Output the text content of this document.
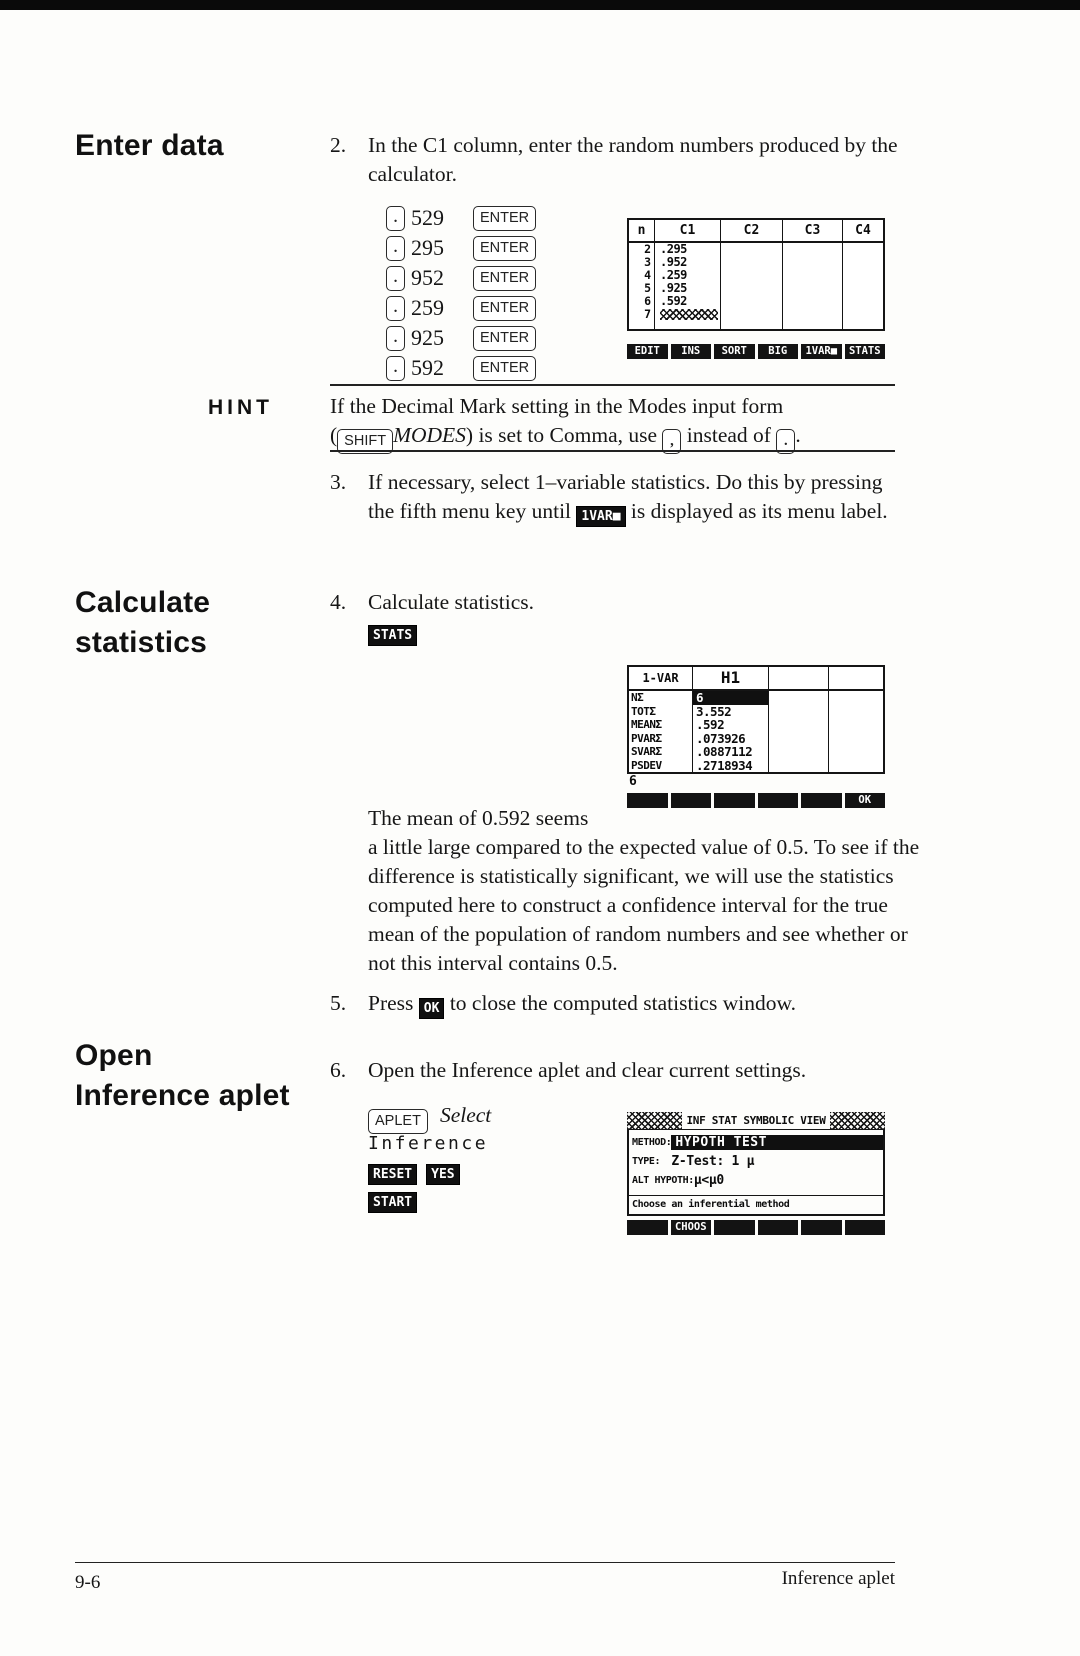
Enter data	2.	In the C1 column, enter the random numbers produced by the calculator.
. 529	ENTER
. 295	ENTER
. 952	ENTER
. 259	ENTER
. 925	ENTER
. 592	ENTER
n	C1	C2	C3	C4
2 .295
3 .952
4 .259
5 .925
6 .592
7
EDIT	INS	SORT	BIG	1VAR■	STATS
HINT	If the Decimal Mark setting in the Modes input form
( SHIFT MODES) is set to Comma, use , instead of . .
3.	If necessary, select 1–variable statistics. Do this by pressing the fifth menu key until 1VAR■ is displayed as its menu label.
Calculate
statistics
4.	Calculate statistics.
STATS
1-VAR	H1
NΣ	6
TOTΣ	3.552
MEANΣ	.592
PVARΣ	.073926
SVARΣ	.0887112
PSDEV	.2718934
6
OK
The mean of 0.592 seems
a little large compared to the expected value of 0.5. To see if the difference is statistically significant, we will use the statistics computed here to construct a confidence interval for the true mean of the population of random numbers and see whether or not this interval contains 0.5.
5.	Press OK to close the computed statistics window.
Open
Inference aplet
6.	Open the Inference aplet and clear current settings.
APLET Select
Inference
RESET YES
START
INF STAT SYMBOLIC VIEW
METHOD: HYPOTH TEST
TYPE: Z-Test: 1 μ
ALT HYPOTH: μ<μ0
Choose an inferential method
CHOOS
9-6	Inference aplet
